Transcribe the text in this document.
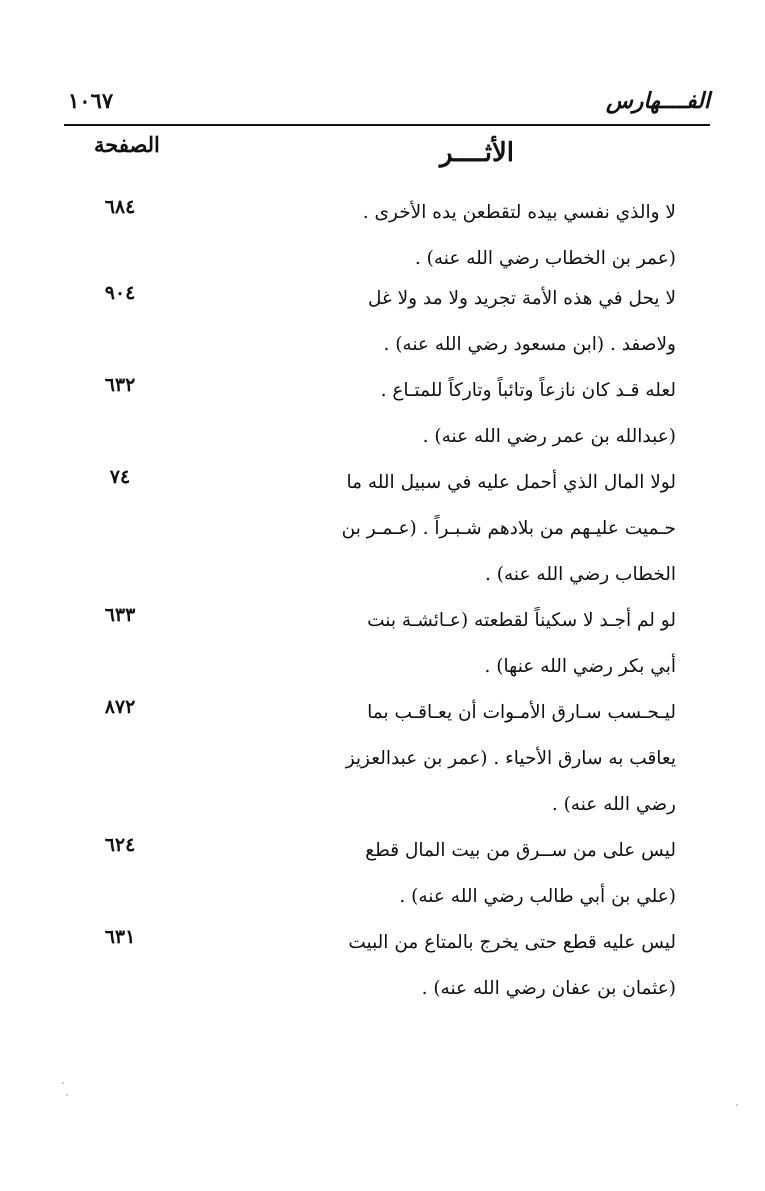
الفــــهارس
١٠٦٧
الأثــــر
الصفحة
لا والذي نفسي بيده لتقطعن يده الأخرى .
(عمر بن الخطاب رضي الله عنه) .
٦٨٤
لا يحل في هذه الأمة تجريد ولا مد ولا غل
ولاصفد . (ابن مسعود رضي الله عنه) .
٩٠٤
لعله قـد كان نازعاً وتائباً وتاركاً للمتـاع .
(عبدالله بن عمر رضي الله عنه) .
٦٣٢
لولا المال الذي أحمل عليه في سبيل الله ما
حـميت عليـهم من بلادهم شـبـراً . (عـمـر بن
الخطاب رضي الله عنه) .
٧٤
لو لم أجـد لا سكيناً لقطعته (عـائشـة بنت
أبي بكر رضي الله عنها) .
٦٣٣
ليـحـسب سـارق الأمـوات أن يعـاقـب بما
يعاقب به سارق الأحياء . (عمر بن عبدالعزيز
رضي الله عنه) .
٨٧٢
ليس على من ســرق من بيت المال قطع
(علي بن أبي طالب رضي الله عنه) .
٦٢٤
ليس عليه قطع حتى يخرج بالمتاع من البيت
(عثمان بن عفان رضي الله عنه) .
٦٣١
